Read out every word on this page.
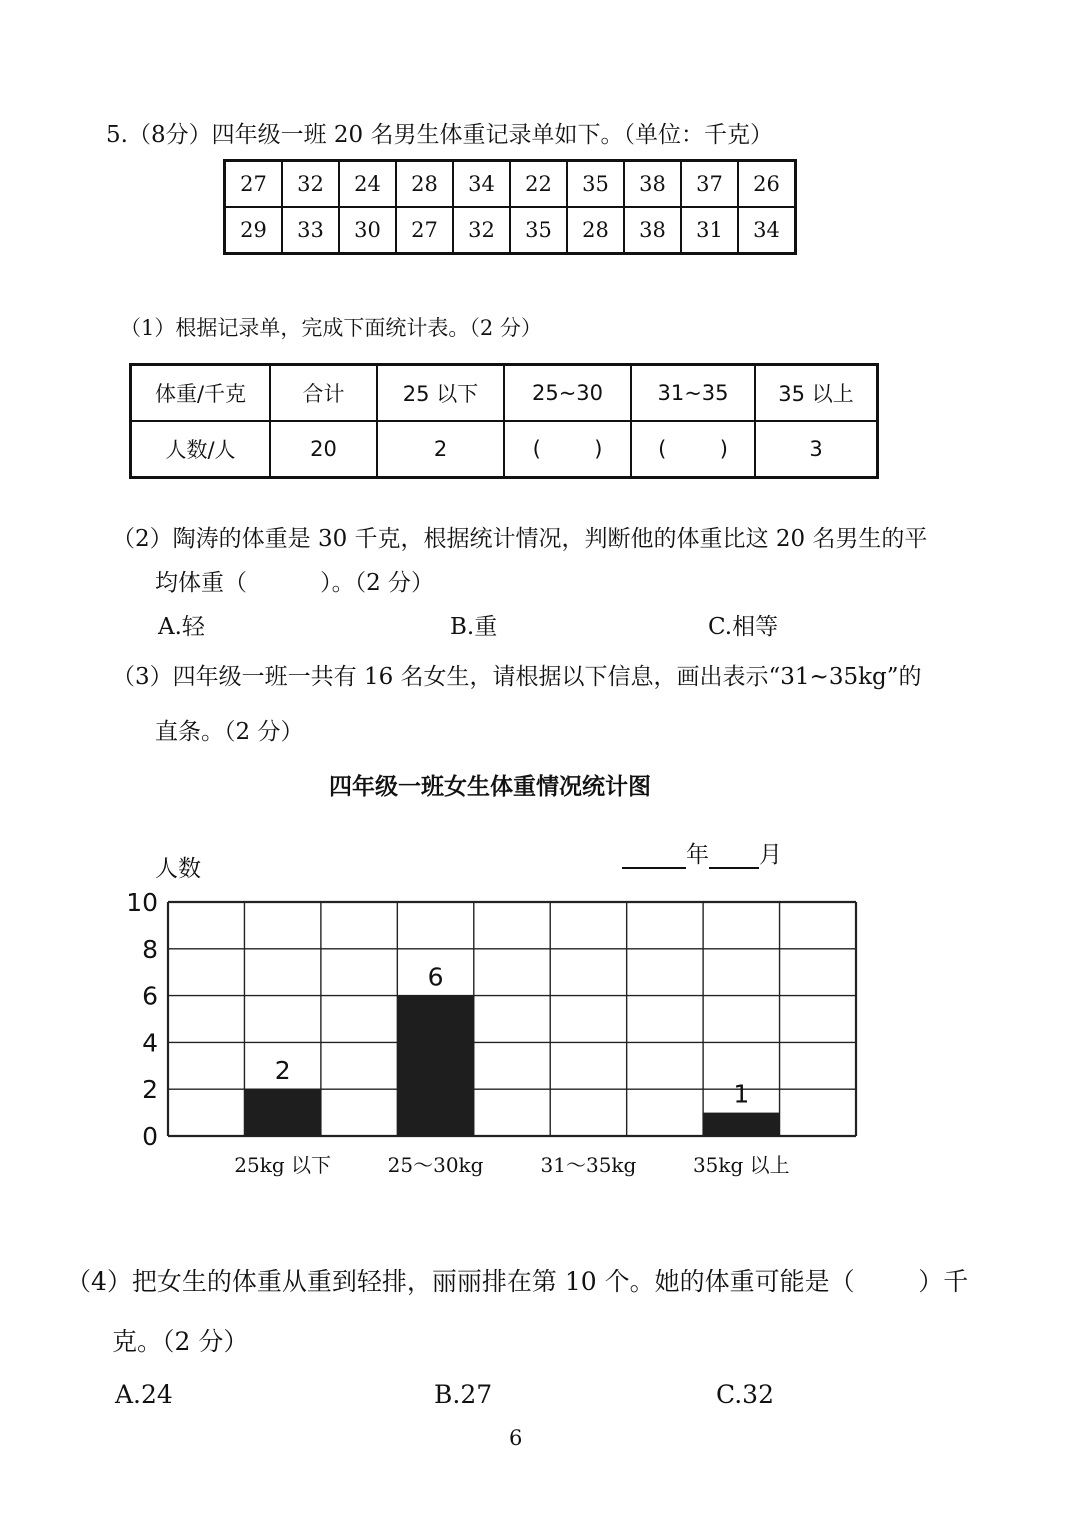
5.（8分）四年级一班 20 名男生体重记录单如下。（单位：千克）
27	32	24	28	34	22	35	38	37	26
29	33	30	27	32	35	28	38	31	34
（1）根据记录单，完成下面统计表。（2 分）
体重/千克	合计	25 以下	25~30	31~35	35 以上
人数/人	20	2	(        )	(        )	3
（2）陶涛的体重是 30 千克，根据统计情况，判断他的体重比这 20 名男生的平
均体重（          ）。（2 分）
A.轻	B.重	C.相等
（3）四年级一班一共有 16 名女生，请根据以下信息，画出表示“31~35kg”的
直条。（2 分）
四年级一班女生体重情况统计图
人数
年 月
0
2
4
6
8
10
2
6
1
25kg 以下	25～30kg	31～35kg	35kg 以上
（4）把女生的体重从重到轻排，丽丽排在第 10 个。她的体重可能是（        ）千
克。（2 分）
A.24	B.27	C.32
6
